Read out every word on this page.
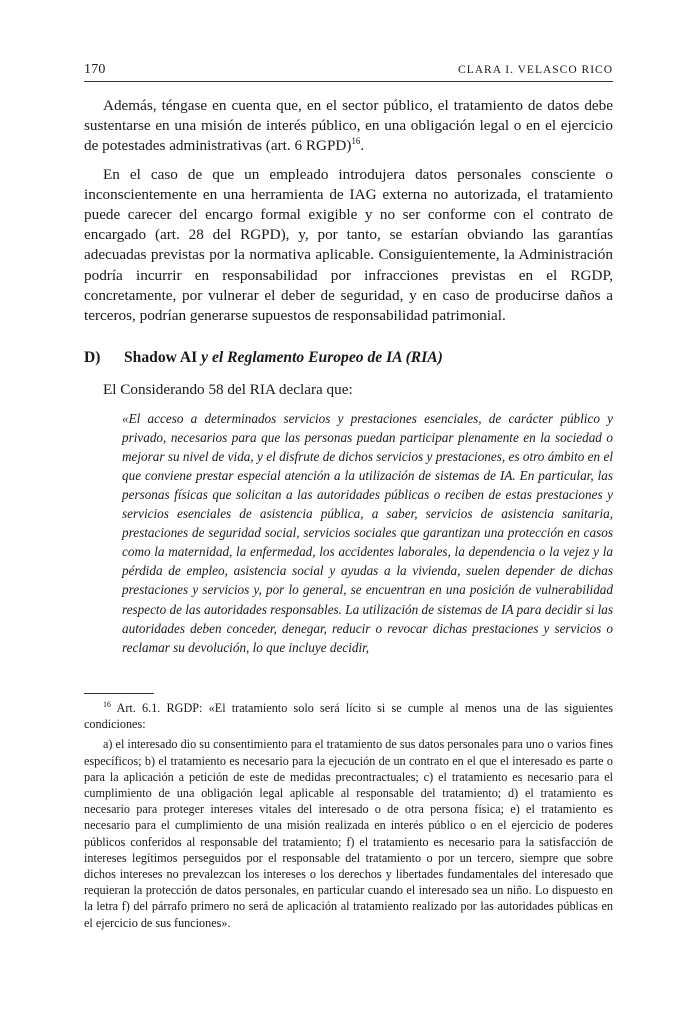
170	CLARA I. VELASCO RICO

Además, téngase en cuenta que, en el sector público, el tratamiento de datos debe sustentarse en una misión de interés público, en una obligación legal o en el ejercicio de potestades administrativas (art. 6 RGPD)$^{16}$.

En el caso de que un empleado introdujera datos personales consciente o inconscientemente en una herramienta de IAG externa no autorizada, el tratamiento puede carecer del encargo formal exigible y no ser conforme con el contrato de encargado (art. 28 del RGPD), y, por tanto, se estarían obviando las garantías adecuadas previstas por la normativa aplicable. Consiguientemente, la Administración podría incurrir en responsabilidad por infracciones previstas en el RGDP, concretamente, por vulnerar el deber de seguridad, y en caso de producirse daños a terceros, podrían generarse supuestos de responsabilidad patrimonial.

D)	Shadow AI y el Reglamento Europeo de IA (RIA)

El Considerando 58 del RIA declara que:

«El acceso a determinados servicios y prestaciones esenciales, de carácter público y privado, necesarios para que las personas puedan participar plenamente en la sociedad o mejorar su nivel de vida, y el disfrute de dichos servicios y prestaciones, es otro ámbito en el que conviene prestar especial atención a la utilización de sistemas de IA. En particular, las personas físicas que solicitan a las autoridades públicas o reciben de estas prestaciones y servicios esenciales de asistencia pública, a saber, servicios de asistencia sanitaria, prestaciones de seguridad social, servicios sociales que garantizan una protección en casos como la maternidad, la enfermedad, los accidentes laborales, la dependencia o la vejez y la pérdida de empleo, asistencia social y ayudas a la vivienda, suelen depender de dichas prestaciones y servicios y, por lo general, se encuentran en una posición de vulnerabilidad respecto de las autoridades responsables. La utilización de sistemas de IA para decidir si las autoridades deben conceder, denegar, reducir o revocar dichas prestaciones y servicios o reclamar su devolución, lo que incluye decidir,

$^{16}$ Art. 6.1. RGDP: «El tratamiento solo será lícito si se cumple al menos una de las siguientes condiciones:

a) el interesado dio su consentimiento para el tratamiento de sus datos personales para uno o varios fines específicos; b) el tratamiento es necesario para la ejecución de un contrato en el que el interesado es parte o para la aplicación a petición de este de medidas precontractuales; c) el tratamiento es necesario para el cumplimiento de una obligación legal aplicable al responsable del tratamiento; d) el tratamiento es necesario para proteger intereses vitales del interesado o de otra persona física; e) el tratamiento es necesario para el cumplimiento de una misión realizada en interés público o en el ejercicio de poderes públicos conferidos al responsable del tratamiento; f) el tratamiento es necesario para la satisfacción de intereses legítimos perseguidos por el responsable del tratamiento o por un tercero, siempre que sobre dichos intereses no prevalezcan los intereses o los derechos y libertades fundamentales del interesado que requieran la protección de datos personales, en particular cuando el interesado sea un niño. Lo dispuesto en la letra f) del párrafo primero no será de aplicación al tratamiento realizado por las autoridades públicas en el ejercicio de sus funciones».
